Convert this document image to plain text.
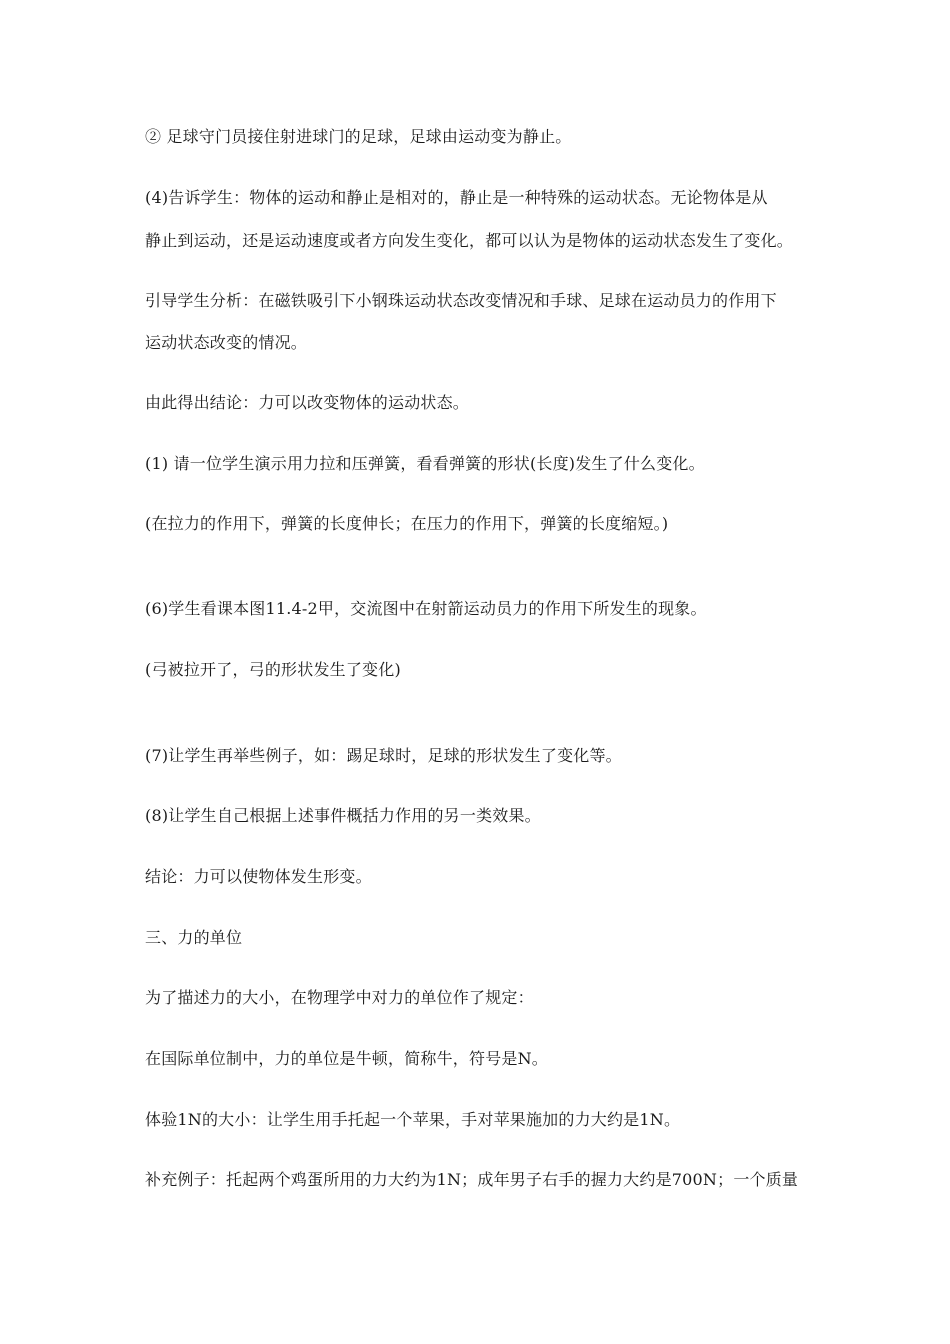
② 足球守门员接住射进球门的足球，足球由运动变为静止。
(4)告诉学生：物体的运动和静止是相对的，静止是一种特殊的运动状态。无论物体是从
静止到运动，还是运动速度或者方向发生变化，都可以认为是物体的运动状态发生了变化。
引导学生分析：在磁铁吸引下小钢珠运动状态改变情况和手球、足球在运动员力的作用下
运动状态改变的情况。
由此得出结论：力可以改变物体的运动状态。
(1) 请一位学生演示用力拉和压弹簧，看看弹簧的形状(长度)发生了什么变化。
(在拉力的作用下，弹簧的长度伸长；在压力的作用下，弹簧的长度缩短。)
(6)学生看课本图11.4-2甲，交流图中在射箭运动员力的作用下所发生的现象。
(弓被拉开了，弓的形状发生了变化)
(7)让学生再举些例子，如：踢足球时，足球的形状发生了变化等。
(8)让学生自己根据上述事件概括力作用的另一类效果。
结论：力可以使物体发生形变。
三、力的单位
为了描述力的大小，在物理学中对力的单位作了规定：
在国际单位制中，力的单位是牛顿，简称牛，符号是N。
体验1N的大小：让学生用手托起一个苹果，手对苹果施加的力大约是1N。
补充例子：托起两个鸡蛋所用的力大约为1N；成年男子右手的握力大约是700N；一个质量
